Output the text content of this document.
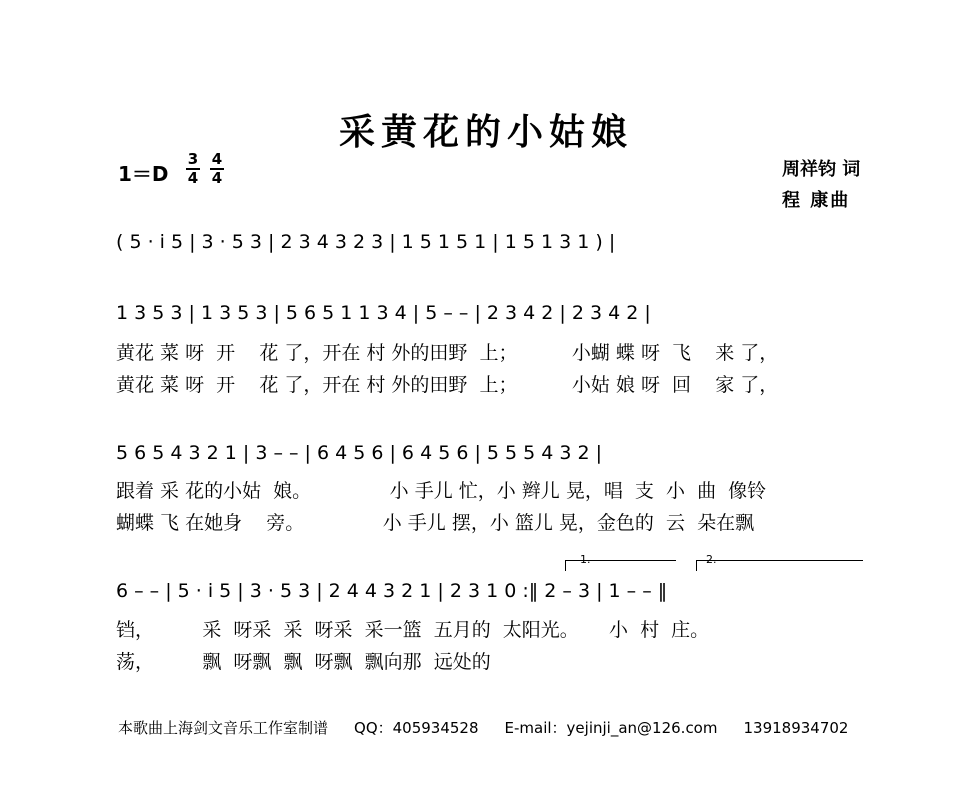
采黄花的小姑娘
1＝D
3
4
4
4	周祥钧 词
程 康曲
( 5 · i 5 | 3 · 5 3 | 2 3 4 3 2 3 | 1 5 1 5 1 | 1 5 1 3 1 ) |
1 3 5 3 | 1 3 5 3 | 5 6 5 1 1 3 4 | 5 – – | 2 3 4 2 | 2 3 4 2 |
黄花 菜 呀  开    花 了，开在 村 外的田野  上；         小蝴 蝶 呀  飞    来 了，
黄花 菜 呀  开    花 了，开在 村 外的田野  上；         小姑 娘 呀  回    家 了，
5 6 5 4 3 2 1 | 3 – – | 6 4 5 6 | 6 4 5 6 | 5 5 5 4 3 2 |
跟着 采 花的小姑  娘。             小 手儿 忙，小 辫儿 晃，唱  支  小  曲  像铃
蝴蝶 飞 在她身    旁。             小 手儿 摆，小 篮儿 晃，金色的  云  朵在飘
1.	2.
6 – – | 5 · i 5 | 3 · 5 3 | 2 4 4 3 2 1 | 2 3 1 0 :‖ 2 – 3 | 1 – – ‖
铛，        采  呀采  采  呀采  采一篮  五月的  太阳光。     小  村  庄。
荡，        飘  呀飘  飘  呀飘  飘向那  远处的
本歌曲上海剑文音乐工作室制谱 QQ：405934528 E-mail：yejinji_an@126.com 13918934702
